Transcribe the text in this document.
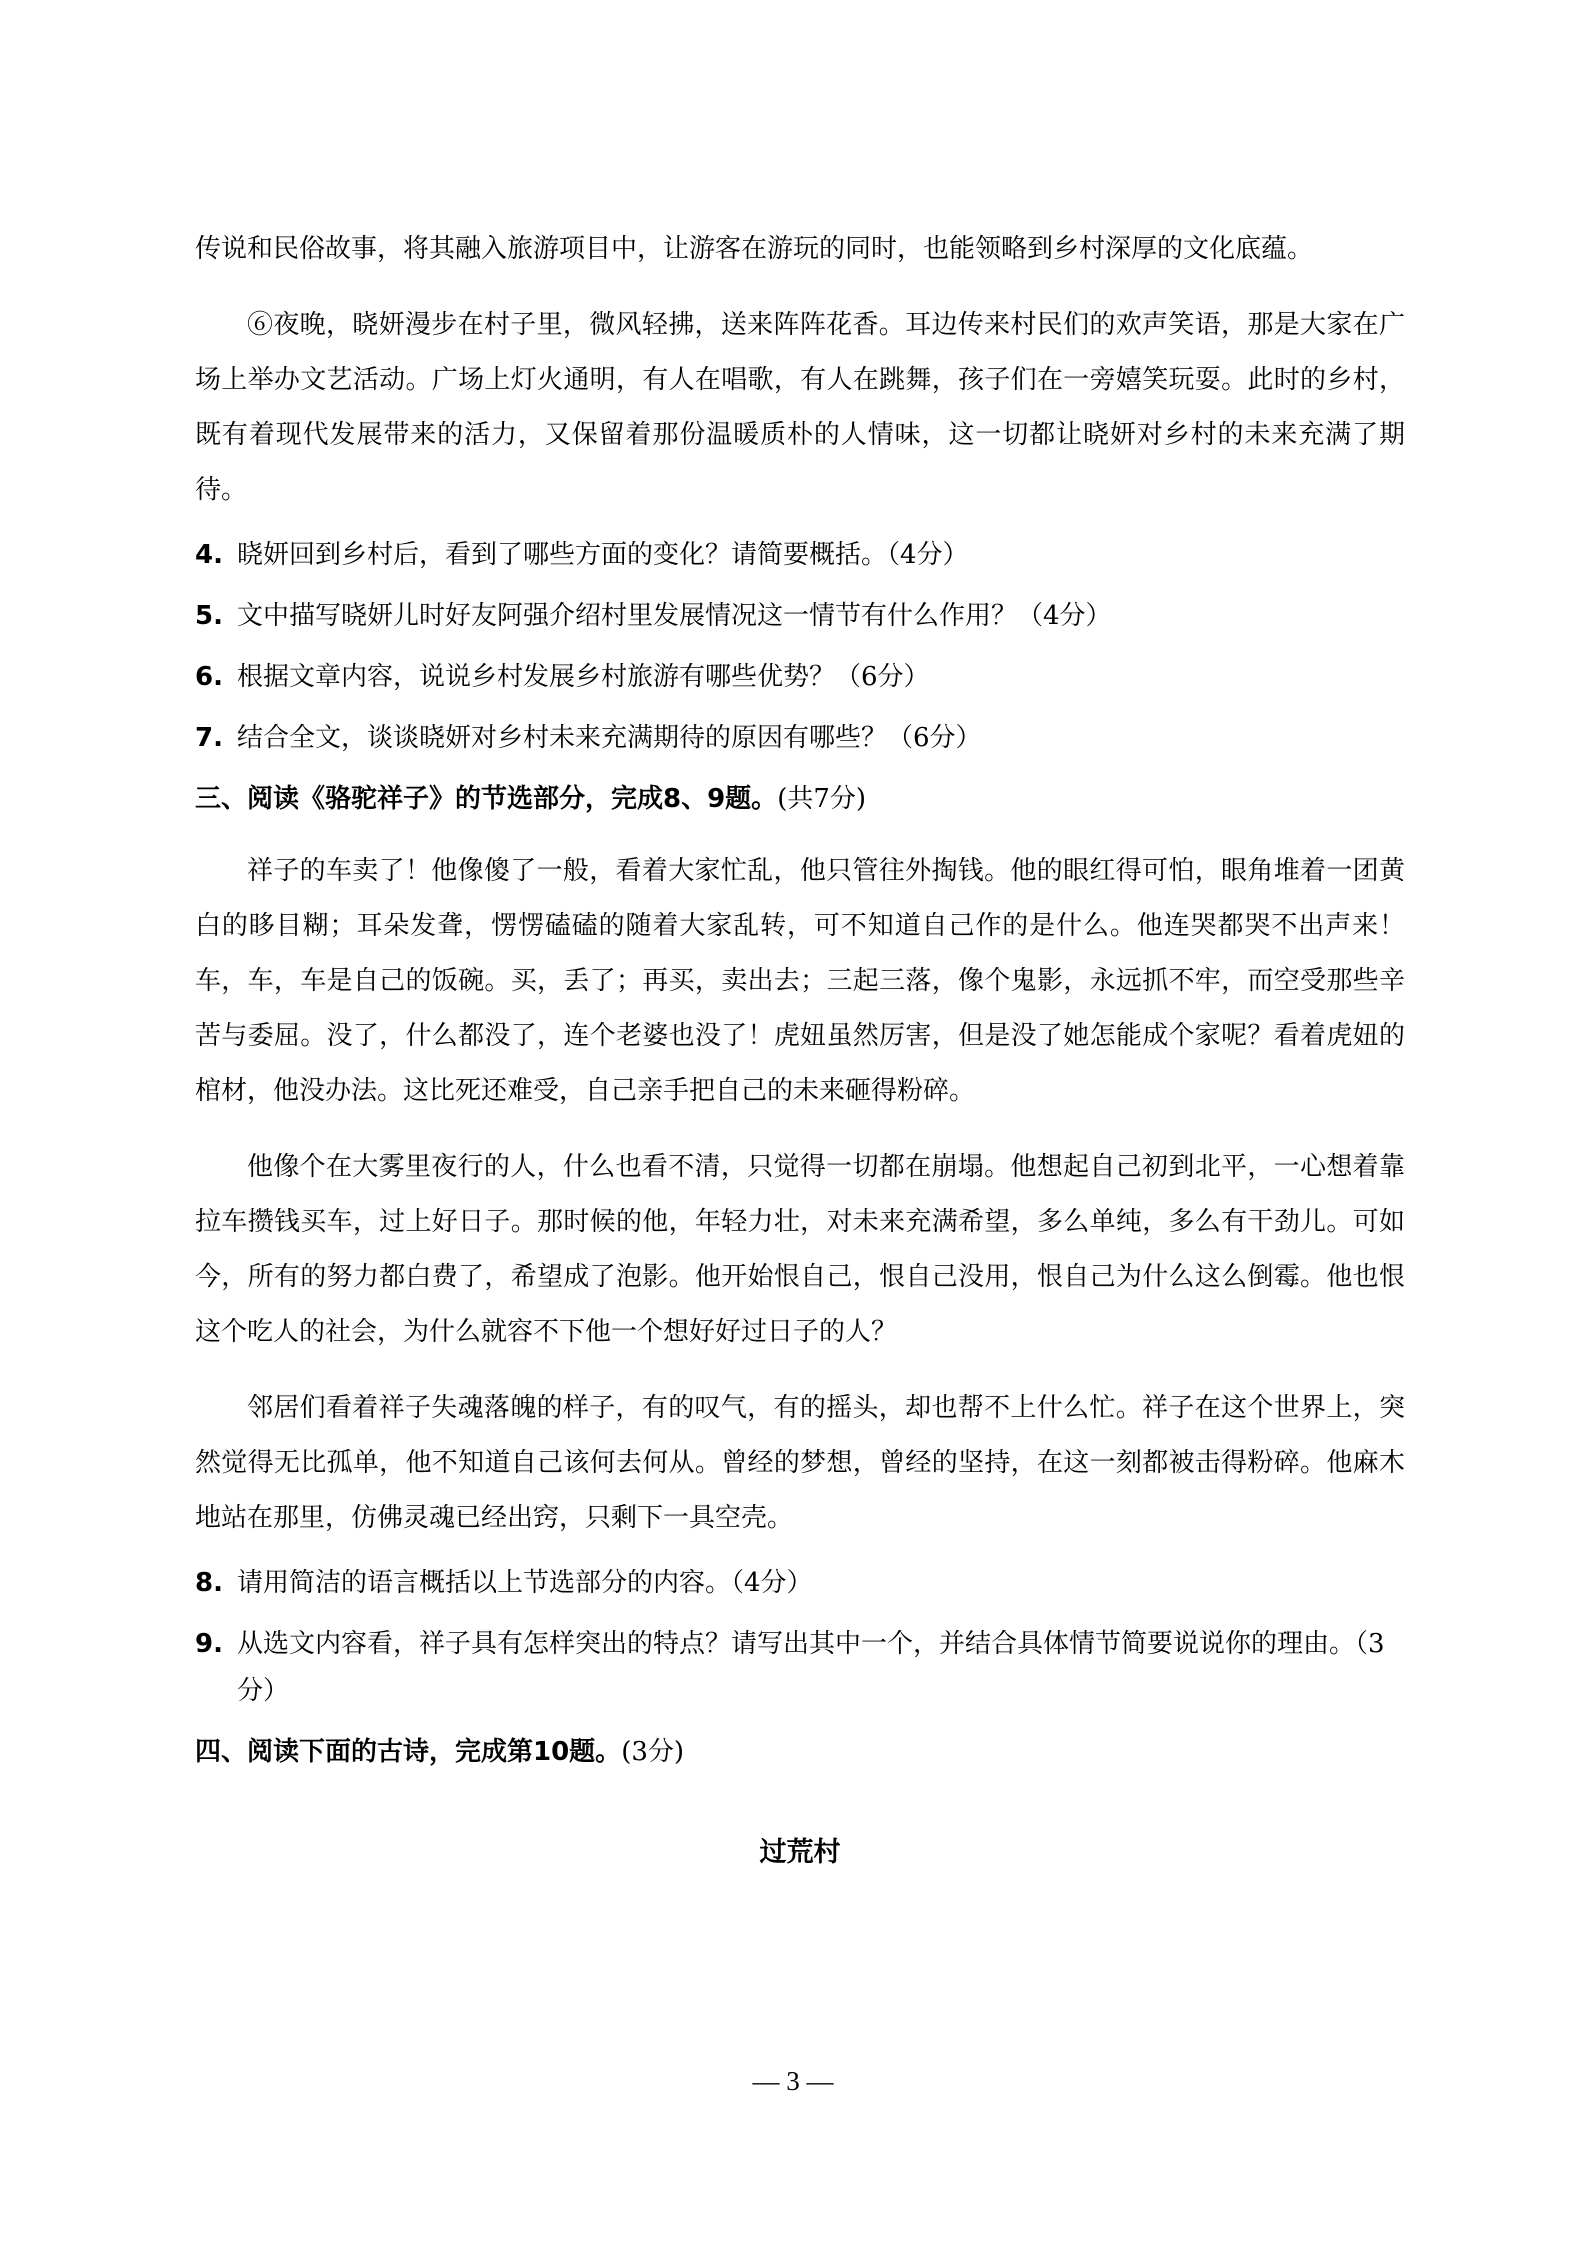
传说和民俗故事，将其融入旅游项目中，让游客在游玩的同时，也能领略到乡村深厚的文化底蕴。
⑥夜晚，晓妍漫步在村子里，微风轻拂，送来阵阵花香。耳边传来村民们的欢声笑语，那是大家在广场上举办文艺活动。广场上灯火通明，有人在唱歌，有人在跳舞，孩子们在一旁嬉笑玩耍。此时的乡村，既有着现代发展带来的活力，又保留着那份温暖质朴的人情味，这一切都让晓妍对乡村的未来充满了期待。
4. 晓妍回到乡村后，看到了哪些方面的变化？请简要概括。（4分）
5. 文中描写晓妍儿时好友阿强介绍村里发展情况这一情节有什么作用？（4分）
6. 根据文章内容，说说乡村发展乡村旅游有哪些优势？（6分）
7. 结合全文，谈谈晓妍对乡村未来充满期待的原因有哪些？（6分）
三、阅读《骆驼祥子》的节选部分，完成8、9题。(共7分)
祥子的车卖了！他像傻了一般，看着大家忙乱，他只管往外掏钱。他的眼红得可怕，眼角堆着一团黄白的眵目糊；耳朵发聋，愣愣磕磕的随着大家乱转，可不知道自己作的是什么。他连哭都哭不出声来！车，车，车是自己的饭碗。买，丢了；再买，卖出去；三起三落，像个鬼影，永远抓不牢，而空受那些辛苦与委屈。没了，什么都没了，连个老婆也没了！虎妞虽然厉害，但是没了她怎能成个家呢？看着虎妞的棺材，他没办法。这比死还难受，自己亲手把自己的未来砸得粉碎。
他像个在大雾里夜行的人，什么也看不清，只觉得一切都在崩塌。他想起自己初到北平，一心想着靠拉车攒钱买车，过上好日子。那时候的他，年轻力壮，对未来充满希望，多么单纯，多么有干劲儿。可如今，所有的努力都白费了，希望成了泡影。他开始恨自己，恨自己没用，恨自己为什么这么倒霉。他也恨这个吃人的社会，为什么就容不下他一个想好好过日子的人？
邻居们看着祥子失魂落魄的样子，有的叹气，有的摇头，却也帮不上什么忙。祥子在这个世界上，突然觉得无比孤单，他不知道自己该何去何从。曾经的梦想，曾经的坚持，在这一刻都被击得粉碎。他麻木地站在那里，仿佛灵魂已经出窍，只剩下一具空壳。
8. 请用简洁的语言概括以上节选部分的内容。（4分）
9. 从选文内容看，祥子具有怎样突出的特点？请写出其中一个，并结合具体情节简要说说你的理由。（3分）
四、阅读下面的古诗，完成第10题。(3分)
过荒村
— 3 —
